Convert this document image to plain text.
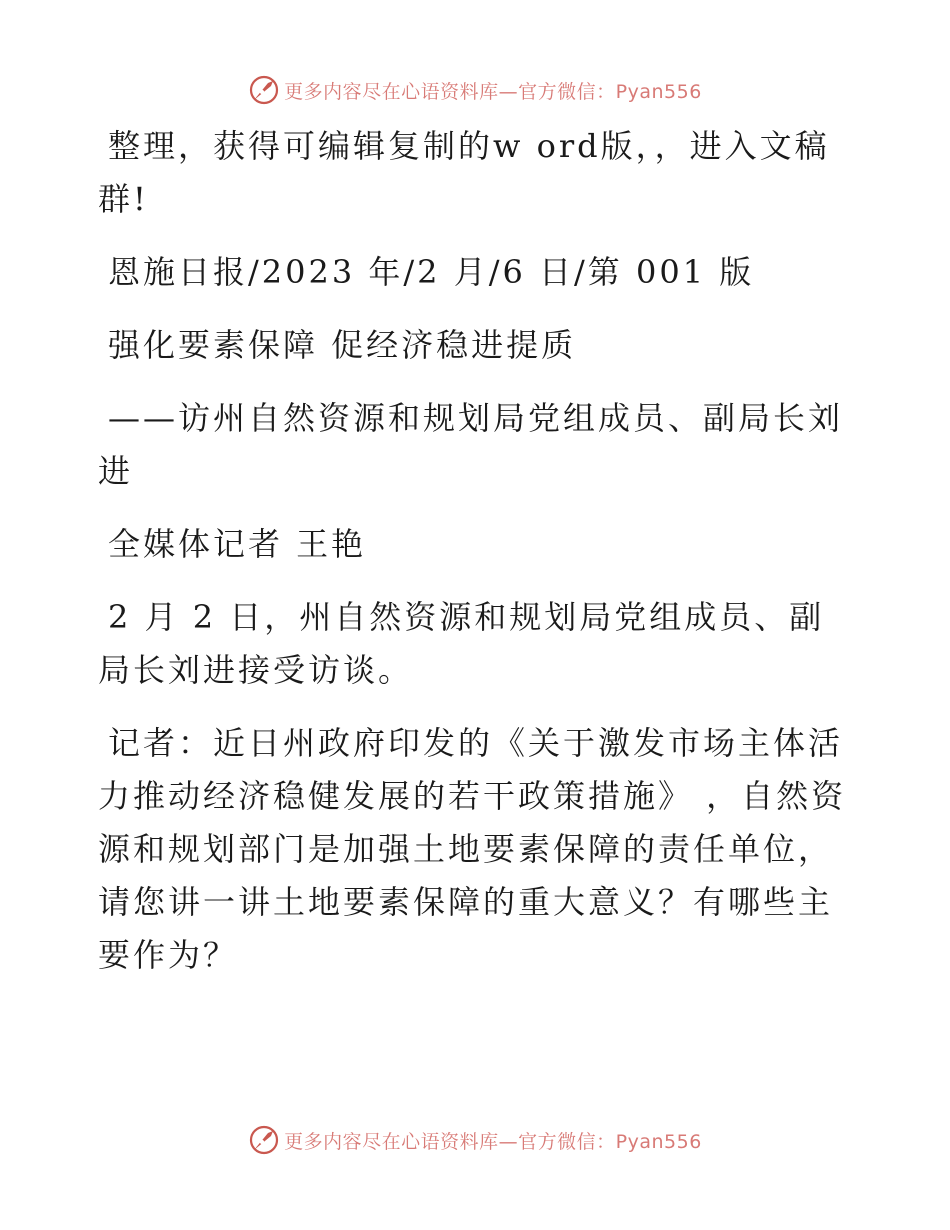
更多内容尽在心语资料库—官方微信：Pyan556

整理，获得可编辑复制的w ord版，，进入文稿群!

恩施日报/2023 年/2 月/6 日/第 001 版

强化要素保障 促经济稳进提质

——访州自然资源和规划局党组成员、副局长刘进

全媒体记者 王艳

2 月 2 日，州自然资源和规划局党组成员、副局长刘进接受访谈。

记者：近日州政府印发的《关于激发市场主体活力推动经济稳健发展的若干政策措施》 ，自然资源和规划部门是加强土地要素保障的责任单位，请您讲一讲土地要素保障的重大意义？有哪些主要作为？

更多内容尽在心语资料库—官方微信：Pyan556
